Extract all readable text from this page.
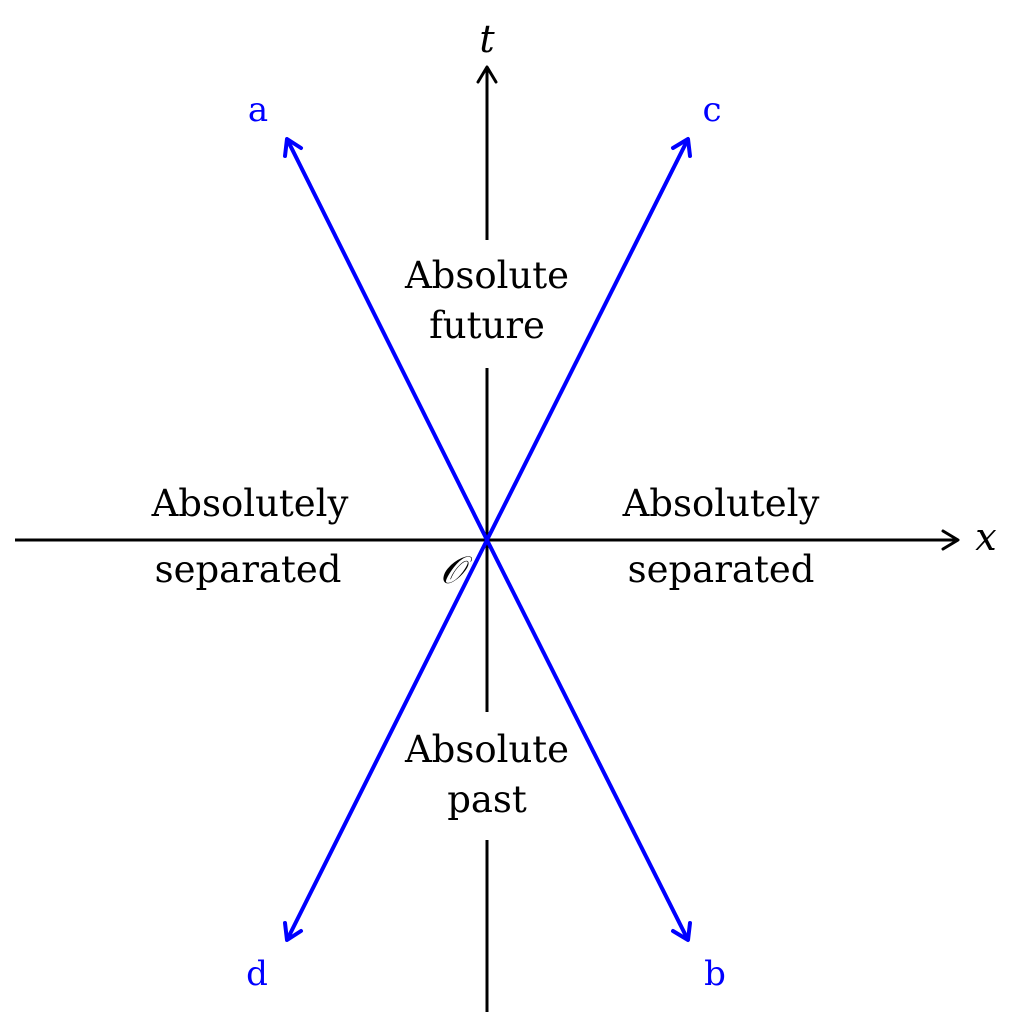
t
x
𝒪
Absolute
future
Absolute
past
Absolutely
separated
Absolutely
separated
a	c
d	b
